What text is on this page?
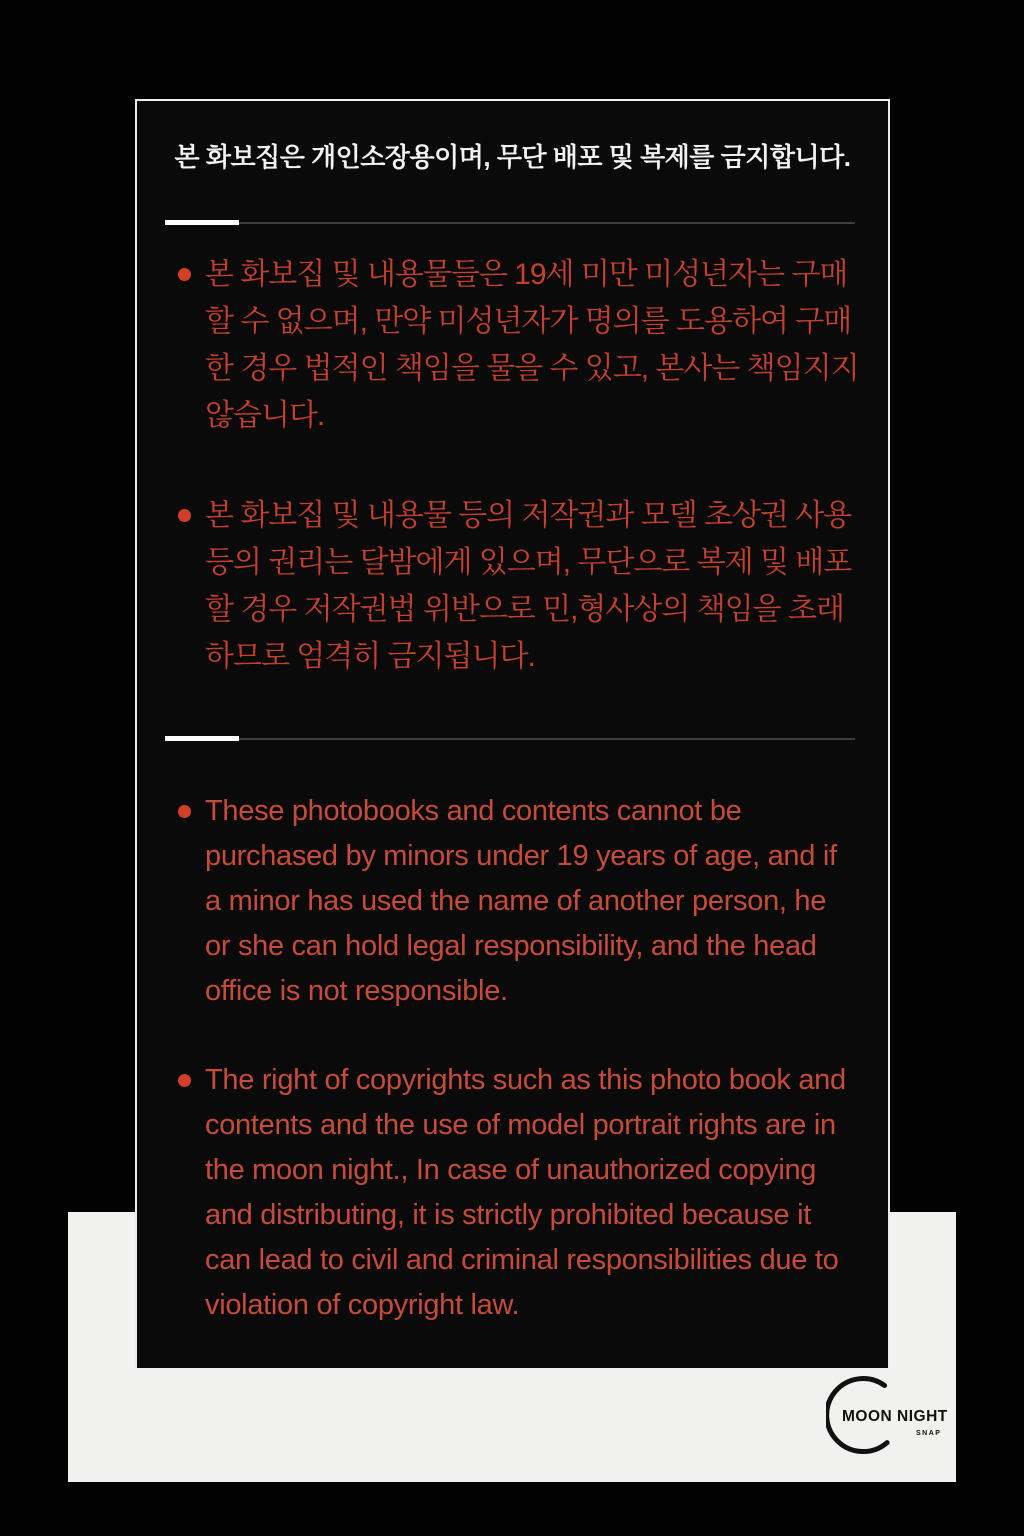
본 화보집은 개인소장용이며, 무단 배포 및 복제를 금지합니다.
본 화보집 및 내용물들은 19세 미만 미성년자는 구매할 수 없으며, 만약 미성년자가 명의를 도용하여 구매한 경우 법적인 책임을 물을 수 있고, 본사는 책임지지 않습니다.
본 화보집 및 내용물 등의 저작권과 모델 초상권 사용 등의 권리는 달밤에게 있으며, 무단으로 복제 및 배포할 경우 저작권법 위반으로 민,형사상의 책임을 초래하므로 엄격히 금지됩니다.
These photobooks and contents cannot be purchased by minors under 19 years of age, and if a minor has used the name of another person, he or she can hold legal responsibility, and the head office is not responsible.
The right of copyrights such as this photo book and contents and the use of model portrait rights are in the moon night., In case of unauthorized copying and distributing, it is strictly prohibited because it can lead to civil and criminal responsibilities due to violation of copyright law.
MOON NIGHT
SNAP
